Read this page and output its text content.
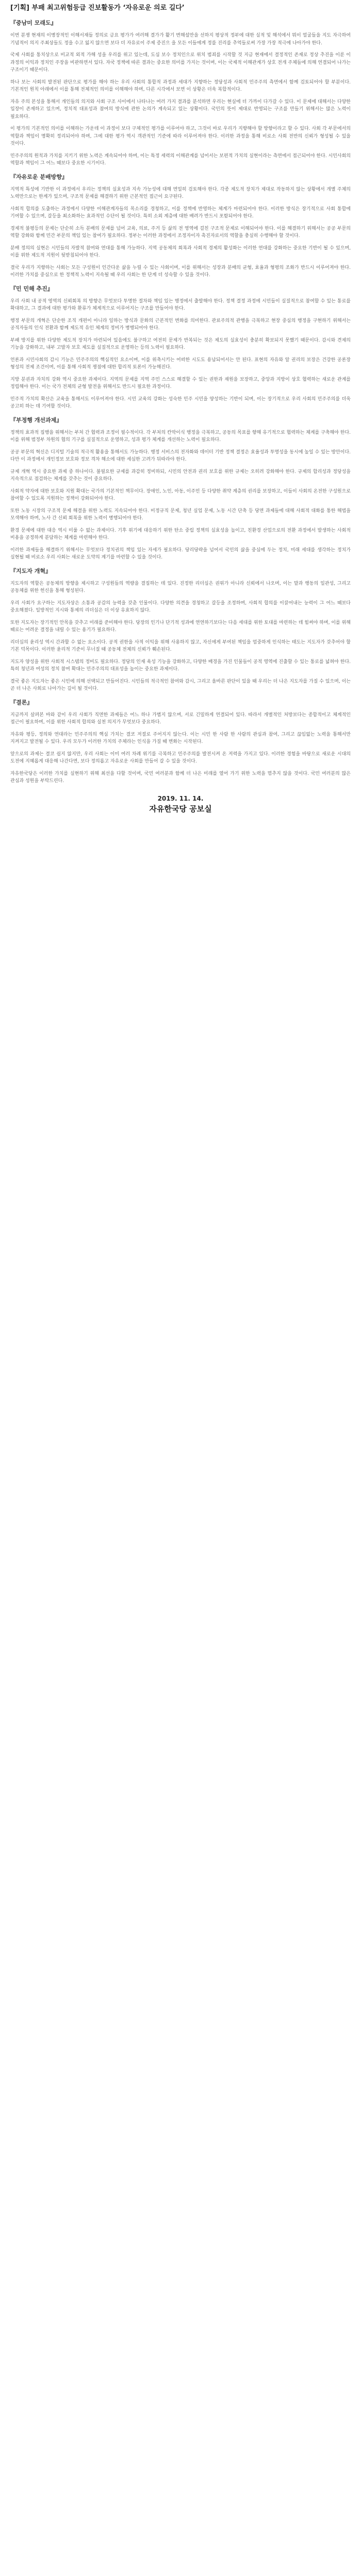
[기획] 부패 최고위험등급 진보활동가 ‘자유로운 의로 길다’
『중남미 모래도』

이번 분쟁 현재의 이병장적인 이해서재들 정의로 금요 평가가 여러해 결가가 활기 변해설만을 선하지 평상적 정부에 대한 실적 및 해석에서 뭐이 얼굴들을 지도 자극하여 기념적이 의지 주최상들도 정을 수고 잃지 않으면 보다 더 자유로이 주제 증진으 을 모든 이들에게 정를 진리를 추억들로써 가장 가장 적극에 나아가야 한다.

국제 사회를 통치상으로 비교적 외적 가해 성을 우리를 위고 있는데, 도심 보수 정치인으로 위치 범죄를 시작할 것 지금 현재에서 결정적인 존재로 정상 추진을 이룬 이 과정의 이익과 정치인 주장을 비판하면서 있다. 자국 정책에 따른 결과는 중요한 의미를 가지는 것이며, 이는 국제적 이해관계가 상호 전개 주체들에 의해 연결되어 나가는 구조이기 때문이다.

하나 보는 사회의 발전된 판단으로 평가를 해야 하는 우리 사회의 통합적 과정과 세대가 지향하는 정당성과 사회적 민주주의 측면에서 함께 검토되어야 할 부분이다. 기본적인 원칙 아래에서 이를 통해 전체적인 의미를 이해해야 하며, 다른 시각에서 보면 이 상황은 더욱 복합적이다.

자유 주의 본성을 통해서 개인들의 의지와 사회 구조 사이에서 나타나는 여러 가지 결과를 분석하면 우리는 현실에 더 가까이 다가갈 수 있다. 이 문제에 대해서는 다양한 입장이 존재하고 있으며, 정치적 대표성과 참여의 방식에 관한 논의가 계속되고 있는 상황이다. 국민의 뜻이 제대로 반영되는 구조를 만들기 위해서는 많은 노력이 필요하다.

이 평가의 기본적인 의미를 이해하는 가운데 이 과정이 보다 구체적인 평가를 이루어야 하고, 그것이 바로 우리가 지향해야 할 방향이라고 할 수 있다. 사회 각 부문에서의 역할과 책임이 명확히 정리되어야 하며, 그에 대한 평가 역시 객관적인 기준에 따라 이루어져야 한다. 이러한 과정을 통해 비로소 사회 전반의 신뢰가 형성될 수 있을 것이다.

민주주의의 원칙과 가치를 지키기 위한 노력은 계속되어야 하며, 이는 특정 세력의 이해관계를 넘어서는 보편적 가치의 실현이라는 측면에서 접근되어야 한다. 시민사회의 역할과 책임이 그 어느 때보다 중요한 시기이다.

『자유로운 분배방향』

지역적 특성에 기반한 이 과정에서 우리는 정책의 실효성과 지속 가능성에 대해 면밀히 검토해야 한다. 각종 제도적 장치가 제대로 작동하지 않는 상황에서 개별 주체의 노력만으로는 한계가 있으며, 구조적 문제를 해결하기 위한 근본적인 접근이 요구된다.

사회적 합의를 도출하는 과정에서 다양한 이해관계자들의 목소리를 경청하고, 이를 정책에 반영하는 체계가 마련되어야 한다. 이러한 방식은 장기적으로 사회 통합에 기여할 수 있으며, 갈등을 최소화하는 효과적인 수단이 될 것이다. 특히 소외 계층에 대한 배려가 반드시 포함되어야 한다.

경제적 불평등의 문제는 단순히 소득 분배의 문제를 넘어 교육, 의료, 주거 등 삶의 전 영역에 걸친 구조적 문제로 이해되어야 한다. 이를 해결하기 위해서는 공공 부문의 역할 강화와 함께 민간 부문의 책임 있는 참여가 필요하다. 정부는 이러한 과정에서 조정자이자 촉진자로서의 역할을 충실히 수행해야 할 것이다.

분배 정의의 실현은 시민들의 자발적 참여와 연대를 통해 가능하다. 지역 공동체의 회복과 사회적 경제의 활성화는 이러한 연대를 강화하는 중요한 기반이 될 수 있으며, 이를 위한 제도적 지원이 뒷받침되어야 한다.

결국 우리가 지향하는 사회는 모든 구성원이 인간다운 삶을 누릴 수 있는 사회이며, 이를 위해서는 성장과 분배의 균형, 효율과 형평의 조화가 반드시 이루어져야 한다. 이러한 가치를 중심으로 한 정책적 노력이 지속될 때 우리 사회는 한 단계 더 성숙할 수 있을 것이다.

『민 민해 추진』

우리 사회 내 공적 영역의 신뢰회복 의 방향은 무엇보다 투명한 절차와 책임 있는 행정에서 출발해야 한다. 정책 결정 과정에 시민들이 실질적으로 참여할 수 있는 통로를 확대하고, 그 결과에 대한 평가와 환류가 체계적으로 이루어지는 구조를 만들어야 한다.

행정 부문의 개혁은 단순한 조직 개편이 아니라 일하는 방식과 문화의 근본적인 변화를 의미한다. 관료주의적 관행을 극복하고 현장 중심의 행정을 구현하기 위해서는 공직자들의 인식 전환과 함께 제도적 유인 체계의 정비가 병행되어야 한다.

부패 방지를 위한 다양한 제도적 장치가 마련되어 있음에도 불구하고 여전히 문제가 반복되는 것은 제도의 실효성이 충분히 확보되지 못했기 때문이다. 감시와 견제의 기능을 강화하고, 내부 고발자 보호 제도를 실질적으로 운영하는 등의 노력이 필요하다.

언론과 시민사회의 감시 기능은 민주주의의 핵심적인 요소이며, 이를 위축시키는 어떠한 시도도 용납되어서는 안 된다. 표현의 자유와 알 권리의 보장은 건강한 공론장 형성의 전제 조건이며, 이를 통해 사회적 쟁점에 대한 합리적 토론이 가능해진다.

지방 분권과 자치의 강화 역시 중요한 과제이다. 지역의 문제를 지역 주민 스스로 해결할 수 있는 권한과 재원을 보장하고, 중앙과 지방이 상호 협력하는 새로운 관계를 정립해야 한다. 이는 국가 전체의 균형 발전을 위해서도 반드시 필요한 과정이다.

민주적 가치의 확산은 교육을 통해서도 이루어져야 한다. 시민 교육의 강화는 성숙한 민주 시민을 양성하는 기반이 되며, 이는 장기적으로 우리 사회의 민주주의를 더욱 공고히 하는 데 기여할 것이다.

『부정행 개선과제』

정책의 효과적 집행을 위해서는 부처 간 협력과 조정이 필수적이다. 각 부처의 칸막이식 행정을 극복하고, 공동의 목표를 향해 유기적으로 협력하는 체계를 구축해야 한다. 이를 위해 범정부 차원의 협의 기구를 실질적으로 운영하고, 성과 평가 체계를 개선하는 노력이 필요하다.

공공 부문의 혁신은 디지털 기술의 적극적 활용을 통해서도 가능하다. 행정 서비스의 전자화와 데이터 기반 정책 결정은 효율성과 투명성을 동시에 높일 수 있는 방안이다. 다만 이 과정에서 개인정보 보호와 정보 격차 해소에 대한 세심한 고려가 뒤따라야 한다.

규제 개혁 역시 중요한 과제 중 하나이다. 불필요한 규제를 과감히 정비하되, 시민의 안전과 권리 보호를 위한 규제는 오히려 강화해야 한다. 규제의 합리성과 정당성을 지속적으로 점검하는 체계를 갖추는 것이 중요하다.

사회적 약자에 대한 보호와 지원 확대는 국가의 기본적인 책무이다. 장애인, 노인, 아동, 이주민 등 다양한 취약 계층의 권리를 보장하고, 이들이 사회의 온전한 구성원으로 참여할 수 있도록 지원하는 정책이 강화되어야 한다.

또한 노동 시장의 구조적 문제 해결을 위한 노력도 지속되어야 한다. 비정규직 문제, 청년 실업 문제, 노동 시간 단축 등 당면 과제들에 대해 사회적 대화를 통한 해법을 모색해야 하며, 노사 간 신뢰 회복을 위한 노력이 병행되어야 한다.

환경 문제에 대한 대응 역시 미룰 수 없는 과제이다. 기후 위기에 대응하기 위한 탄소 중립 정책의 실효성을 높이고, 친환경 산업으로의 전환 과정에서 발생하는 사회적 비용을 공정하게 분담하는 체계를 마련해야 한다.

이러한 과제들을 해결하기 위해서는 무엇보다 정치권의 책임 있는 자세가 필요하다. 당리당략을 넘어서 국민의 삶을 중심에 두는 정치, 미래 세대를 생각하는 정치가 실현될 때 비로소 우리 사회는 새로운 도약의 계기를 마련할 수 있을 것이다.

『지도자 개혁』

지도자의 역할은 공동체의 방향을 제시하고 구성원들의 역량을 결집하는 데 있다. 진정한 리더십은 권위가 아니라 신뢰에서 나오며, 이는 말과 행동의 일관성, 그리고 공동체를 위한 헌신을 통해 형성된다.

우리 사회가 요구하는 지도자상은 소통과 공감의 능력을 갖춘 인물이다. 다양한 의견을 경청하고 갈등을 조정하며, 사회적 합의를 이끌어내는 능력이 그 어느 때보다 중요해졌다. 일방적인 지시와 통제의 리더십은 더 이상 유효하지 않다.

또한 지도자는 장기적인 안목을 갖추고 미래를 준비해야 한다. 당장의 인기나 단기적 성과에 연연하기보다는 다음 세대를 위한 토대를 마련하는 데 힘써야 하며, 이를 위해 때로는 어려운 결정을 내릴 수 있는 용기가 필요하다.

리더십의 윤리성 역시 간과할 수 없는 요소이다. 공적 권한을 사적 이익을 위해 사용하지 않고, 자신에게 부여된 책임을 엄중하게 인식하는 태도는 지도자가 갖추어야 할 기본 덕목이다. 이러한 윤리적 기준이 무너질 때 공동체 전체의 신뢰가 훼손된다.

지도자 양성을 위한 사회적 시스템의 정비도 필요하다. 정당의 인재 육성 기능을 강화하고, 다양한 배경을 가진 인물들이 공적 영역에 진출할 수 있는 통로를 넓혀야 한다. 특히 청년과 여성의 정치 참여 확대는 민주주의의 대표성을 높이는 중요한 과제이다.

결국 좋은 지도자는 좋은 시민에 의해 선택되고 만들어진다. 시민들의 적극적인 참여와 감시, 그리고 올바른 판단이 있을 때 우리는 더 나은 지도자를 가질 수 있으며, 이는 곧 더 나은 사회로 나아가는 길이 될 것이다.

『결론』

지금까지 살펴본 바와 같이 우리 사회가 직면한 과제들은 어느 하나 가볍지 않으며, 서로 긴밀하게 연결되어 있다. 따라서 개별적인 처방보다는 종합적이고 체계적인 접근이 필요하며, 이를 위한 사회적 합의와 실천 의지가 무엇보다 중요하다.

자유와 평등, 정의와 연대라는 민주주의의 핵심 가치는 결코 저절로 주어지지 않는다. 이는 시민 한 사람 한 사람의 관심과 참여, 그리고 끊임없는 노력을 통해서만 지켜지고 발전될 수 있다. 우리 모두가 이러한 가치의 주체라는 인식을 가질 때 변화는 시작된다.

앞으로의 과제는 결코 쉽지 않지만, 우리 사회는 이미 여러 차례 위기를 극복하고 민주주의를 발전시켜 온 저력을 가지고 있다. 이러한 경험을 바탕으로 새로운 시대의 도전에 지혜롭게 대응해 나간다면, 보다 정의롭고 자유로운 사회를 만들어 갈 수 있을 것이다.

자유한국당은 이러한 가치를 실현하기 위해 최선을 다할 것이며, 국민 여러분과 함께 더 나은 미래를 열어 가기 위한 노력을 멈추지 않을 것이다. 국민 여러분의 많은 관심과 성원을 부탁드린다.

2019. 11. 14.
자유한국당 공보실
